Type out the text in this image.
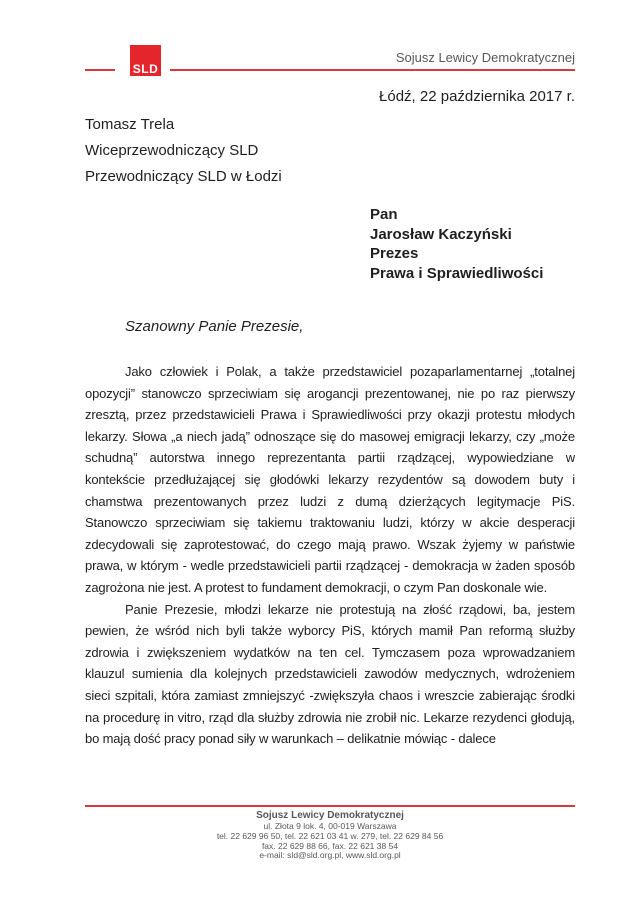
SLD
Sojusz Lewicy Demokratycznej
Łódź, 22 października 2017 r.
Tomasz Trela
Wiceprzewodniczący SLD
Przewodniczący SLD w Łodzi
Pan
Jarosław Kaczyński
Prezes
Prawa i Sprawiedliwości
Szanowny Panie Prezesie,

Jako człowiek i Polak, a także przedstawiciel pozaparlamentarnej „totalnej opozycji” stanowczo sprzeciwiam się arogancji prezentowanej, nie po raz pierwszy zresztą, przez przedstawicieli Prawa i Sprawiedliwości przy okazji protestu młodych lekarzy. Słowa „a niech jadą” odnoszące się do masowej emigracji lekarzy, czy „może schudną” autorstwa innego reprezentanta partii rządzącej, wypowiedziane w kontekście przedłużającej się głodówki lekarzy rezydentów są dowodem buty i chamstwa prezentowanych przez ludzi z dumą dzierżących legitymacje PiS. Stanowczo sprzeciwiam się takiemu traktowaniu ludzi, którzy w akcie desperacji zdecydowali się zaprotestować, do czego mają prawo. Wszak żyjemy w państwie prawa, w którym - wedle przedstawicieli partii rządzącej - demokracja w żaden sposób zagrożona nie jest. A protest to fundament demokracji, o czym Pan doskonale wie.

Panie Prezesie, młodzi lekarze nie protestują na złość rządowi, ba, jestem pewien, że wśród nich byli także wyborcy PiS, których mamił Pan reformą służby zdrowia i zwiększeniem wydatków na ten cel. Tymczasem poza wprowadzaniem klauzul sumienia dla kolejnych przedstawicieli zawodów medycznych, wdrożeniem sieci szpitali, która zamiast zmniejszyć -zwiększyła chaos i wreszcie zabierając środki na procedurę in vitro, rząd dla służby zdrowia nie zrobił nic. Lekarze rezydenci głodują, bo mają dość pracy ponad siły w warunkach – delikatnie mówiąc - dalece

Sojusz Lewicy Demokratycznej
ul. Złota 9 lok. 4, 00-019 Warszawa
tel. 22 629 96 50, tel. 22 621 03 41 w. 279, tel. 22 629 84 56
fax. 22 629 88 66, fax. 22 621 38 54
e-mail: sld@sld.org.pl, www.sld.org.pl
